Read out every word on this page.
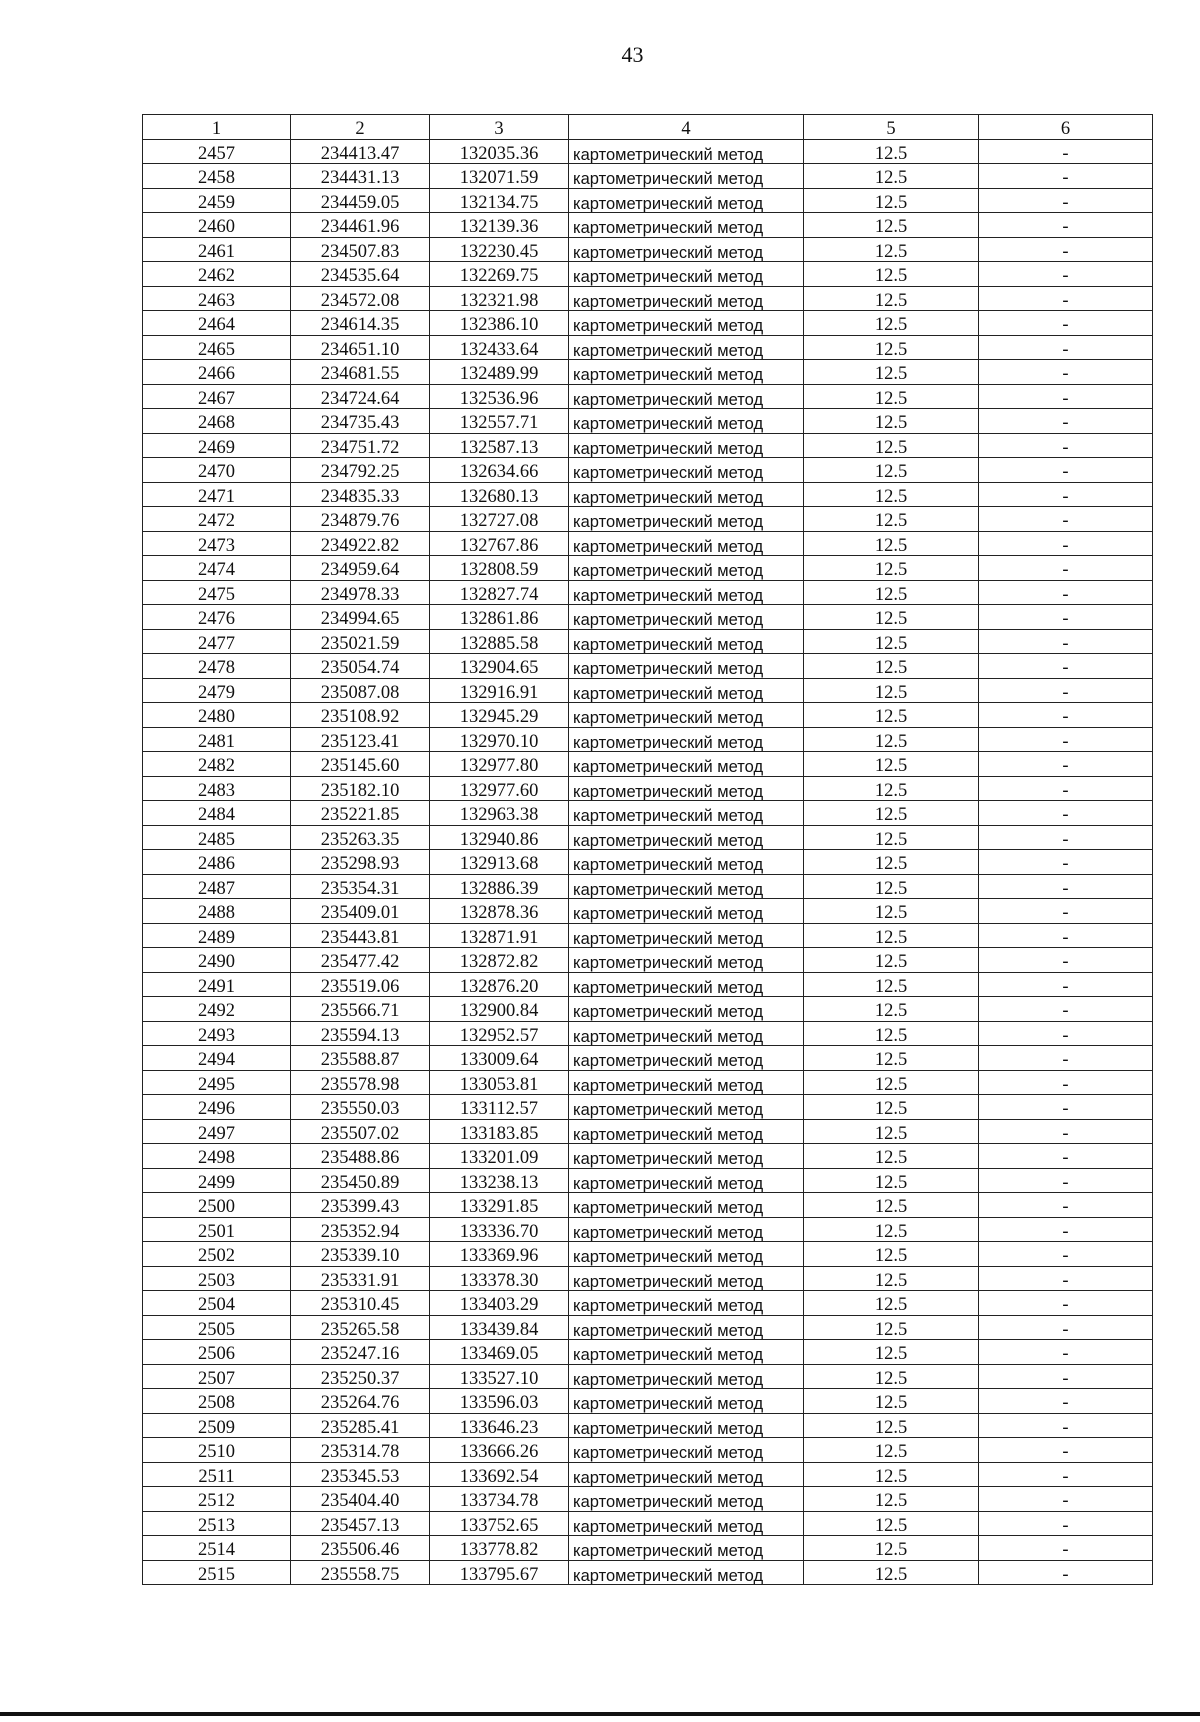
43
1	2	3	4	5	6
2457	234413.47	132035.36	картометрический метод	12.5	-
2458	234431.13	132071.59	картометрический метод	12.5	-
2459	234459.05	132134.75	картометрический метод	12.5	-
2460	234461.96	132139.36	картометрический метод	12.5	-
2461	234507.83	132230.45	картометрический метод	12.5	-
2462	234535.64	132269.75	картометрический метод	12.5	-
2463	234572.08	132321.98	картометрический метод	12.5	-
2464	234614.35	132386.10	картометрический метод	12.5	-
2465	234651.10	132433.64	картометрический метод	12.5	-
2466	234681.55	132489.99	картометрический метод	12.5	-
2467	234724.64	132536.96	картометрический метод	12.5	-
2468	234735.43	132557.71	картометрический метод	12.5	-
2469	234751.72	132587.13	картометрический метод	12.5	-
2470	234792.25	132634.66	картометрический метод	12.5	-
2471	234835.33	132680.13	картометрический метод	12.5	-
2472	234879.76	132727.08	картометрический метод	12.5	-
2473	234922.82	132767.86	картометрический метод	12.5	-
2474	234959.64	132808.59	картометрический метод	12.5	-
2475	234978.33	132827.74	картометрический метод	12.5	-
2476	234994.65	132861.86	картометрический метод	12.5	-
2477	235021.59	132885.58	картометрический метод	12.5	-
2478	235054.74	132904.65	картометрический метод	12.5	-
2479	235087.08	132916.91	картометрический метод	12.5	-
2480	235108.92	132945.29	картометрический метод	12.5	-
2481	235123.41	132970.10	картометрический метод	12.5	-
2482	235145.60	132977.80	картометрический метод	12.5	-
2483	235182.10	132977.60	картометрический метод	12.5	-
2484	235221.85	132963.38	картометрический метод	12.5	-
2485	235263.35	132940.86	картометрический метод	12.5	-
2486	235298.93	132913.68	картометрический метод	12.5	-
2487	235354.31	132886.39	картометрический метод	12.5	-
2488	235409.01	132878.36	картометрический метод	12.5	-
2489	235443.81	132871.91	картометрический метод	12.5	-
2490	235477.42	132872.82	картометрический метод	12.5	-
2491	235519.06	132876.20	картометрический метод	12.5	-
2492	235566.71	132900.84	картометрический метод	12.5	-
2493	235594.13	132952.57	картометрический метод	12.5	-
2494	235588.87	133009.64	картометрический метод	12.5	-
2495	235578.98	133053.81	картометрический метод	12.5	-
2496	235550.03	133112.57	картометрический метод	12.5	-
2497	235507.02	133183.85	картометрический метод	12.5	-
2498	235488.86	133201.09	картометрический метод	12.5	-
2499	235450.89	133238.13	картометрический метод	12.5	-
2500	235399.43	133291.85	картометрический метод	12.5	-
2501	235352.94	133336.70	картометрический метод	12.5	-
2502	235339.10	133369.96	картометрический метод	12.5	-
2503	235331.91	133378.30	картометрический метод	12.5	-
2504	235310.45	133403.29	картометрический метод	12.5	-
2505	235265.58	133439.84	картометрический метод	12.5	-
2506	235247.16	133469.05	картометрический метод	12.5	-
2507	235250.37	133527.10	картометрический метод	12.5	-
2508	235264.76	133596.03	картометрический метод	12.5	-
2509	235285.41	133646.23	картометрический метод	12.5	-
2510	235314.78	133666.26	картометрический метод	12.5	-
2511	235345.53	133692.54	картометрический метод	12.5	-
2512	235404.40	133734.78	картометрический метод	12.5	-
2513	235457.13	133752.65	картометрический метод	12.5	-
2514	235506.46	133778.82	картометрический метод	12.5	-
2515	235558.75	133795.67	картометрический метод	12.5	-
